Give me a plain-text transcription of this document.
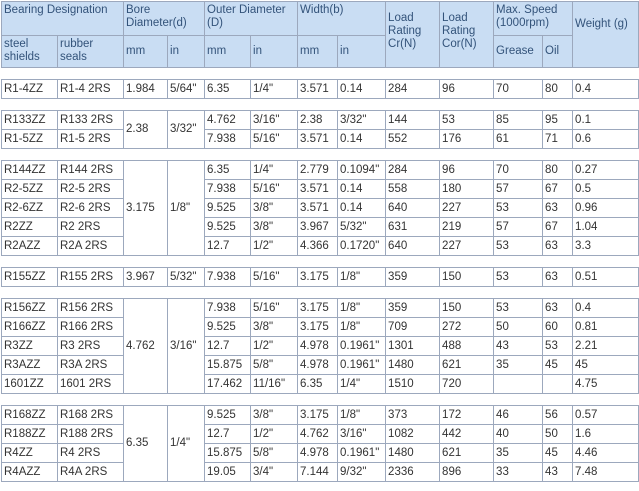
Bearing Designation		Bore Diameter(d)		Outer Diameter (D)		Width(b)		Load Rating Cr(N)	Load Rating Cor(N)	Max. Speed (1000rpm)		Weight (g)
steel shields	rubber seals	mm	in	mm	in	mm	in			Grease	Oil	

R1-4ZZ	R1-4 2RS	1.984	5/64"	6.35	1/4"	3.571	0.14	284	96	70	80	0.4

R133ZZ	R133 2RS	2.38	3/32"	4.762	3/16"	2.38	3/32"	144	53	85	95	0.1
R1-5ZZ	R1-5 2RS			7.938	5/16"	3.571	0.14	552	176	61	71	0.6

R144ZZ	R144 2RS	3.175	1/8"	6.35	1/4"	2.779	0.1094"	284	96	70	80	0.27
R2-5ZZ	R2-5 2RS			7.938	5/16"	3.571	0.14	558	180	57	67	0.5
R2-6ZZ	R2-6 2RS			9.525	3/8"	3.571	0.14	640	227	53	63	0.96
R2ZZ	R2 2RS			9.525	3/8"	3.967	5/32"	631	219	57	67	1.04
R2AZZ	R2A 2RS			12.7	1/2"	4.366	0.1720"	640	227	53	63	3.3

R155ZZ	R155 2RS	3.967	5/32"	7.938	5/16"	3.175	1/8"	359	150	53	63	0.51

R156ZZ	R156 2RS	4.762	3/16"	7.938	5/16"	3.175	1/8"	359	150	53	63	0.4
R166ZZ	R166 2RS			9.525	3/8"	3.175	1/8"	709	272	50	60	0.81
R3ZZ	R3 2RS			12.7	1/2"	4.978	0.1961"	1301	488	43	53	2.21
R3AZZ	R3A 2RS			15.875	5/8"	4.978	0.1961"	1480	621	35	45	45
1601ZZ	1601 2RS			17.462	11/16"	6.35	1/4"	1510	720			4.75

R168ZZ	R168 2RS	6.35	1/4"	9.525	3/8"	3.175	1/8"	373	172	46	56	0.57
R188ZZ	R188 2RS			12.7	1/2"	4.762	3/16"	1082	442	40	50	1.6
R4ZZ	R4 2RS			15.875	5/8"	4.978	0.1961"	1480	621	35	45	4.46
R4AZZ	R4A 2RS			19.05	3/4"	7.144	9/32"	2336	896	33	43	7.48
